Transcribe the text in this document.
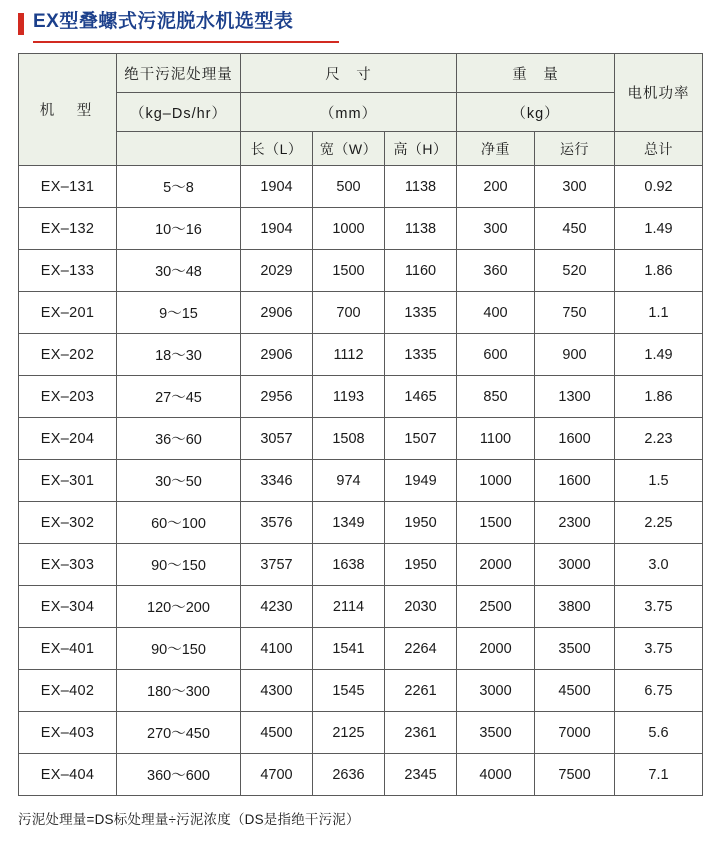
EX型叠螺式污泥脱水机选型表
机　型	绝干污泥处理量	尺　寸			重　量		电机功率
	（kg–Ds/hr）	（mm）			（kg）		
		长（L）	宽（W）	高（H）	净重	运行	总计
EX–131	5～8	1904	500	1138	200	300	0.92
EX–132	10～16	1904	1000	1138	300	450	1.49
EX–133	30～48	2029	1500	1160	360	520	1.86
EX–201	9～15	2906	700	1335	400	750	1.1
EX–202	18～30	2906	1112	1335	600	900	1.49
EX–203	27～45	2956	1193	1465	850	1300	1.86
EX–204	36～60	3057	1508	1507	1100	1600	2.23
EX–301	30～50	3346	974	1949	1000	1600	1.5
EX–302	60～100	3576	1349	1950	1500	2300	2.25
EX–303	90～150	3757	1638	1950	2000	3000	3.0
EX–304	120～200	4230	2114	2030	2500	3800	3.75
EX–401	90～150	4100	1541	2264	2000	3500	3.75
EX–402	180～300	4300	1545	2261	3000	4500	6.75
EX–403	270～450	4500	2125	2361	3500	7000	5.6
EX–404	360～600	4700	2636	2345	4000	7500	7.1
污泥处理量=DS标处理量÷污泥浓度（DS是指绝干污泥）
